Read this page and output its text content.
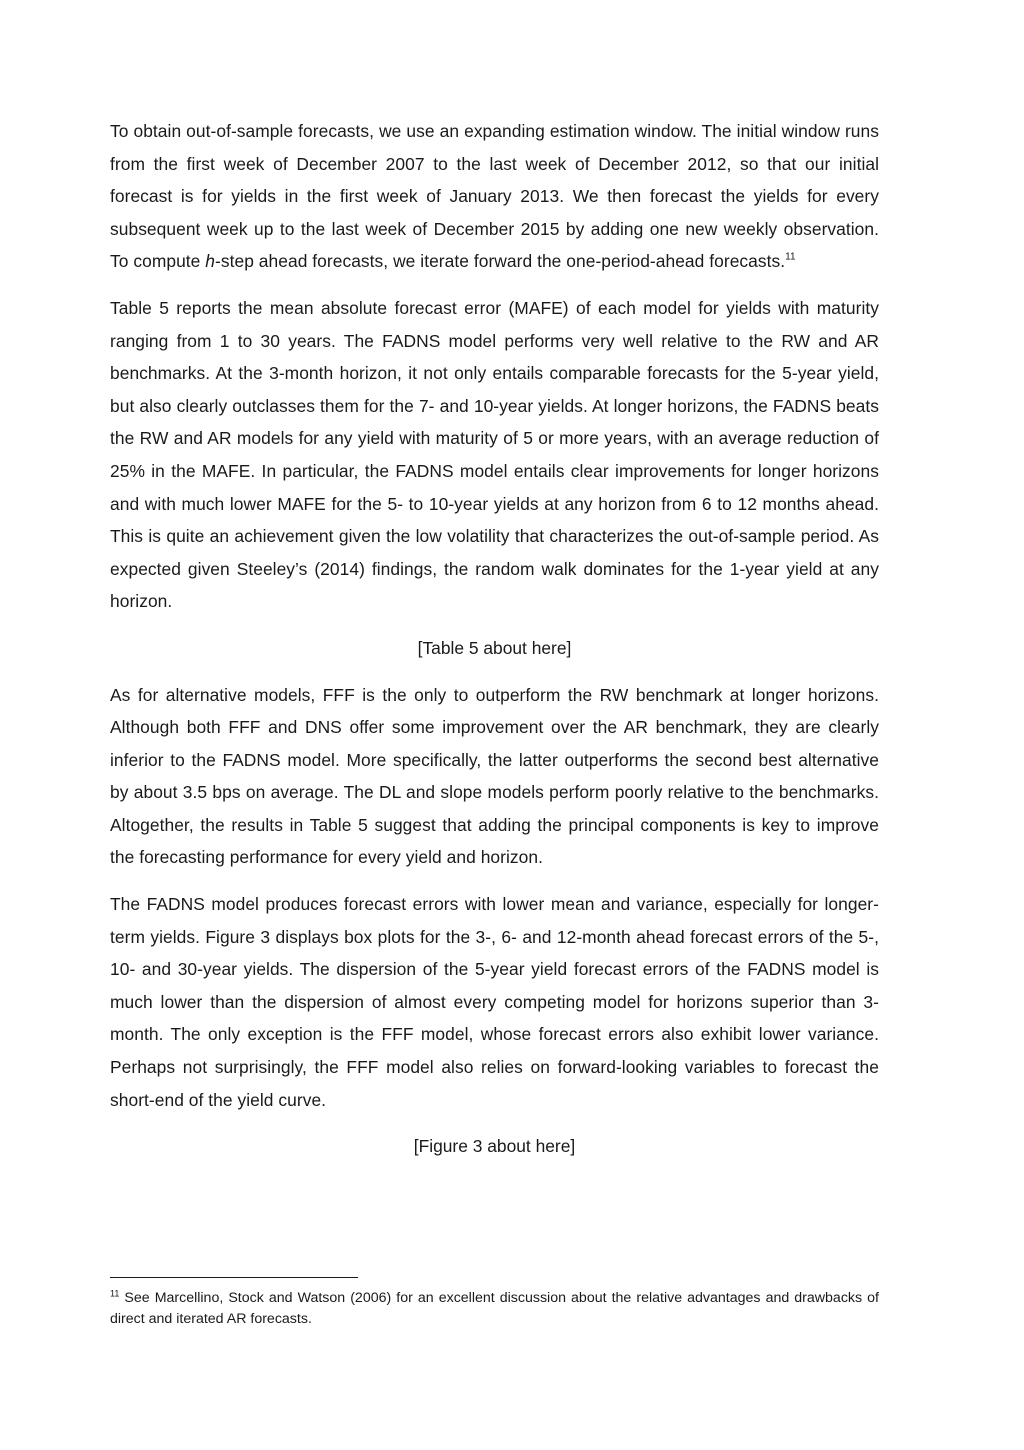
To obtain out-of-sample forecasts, we use an expanding estimation window. The initial window runs from the first week of December 2007 to the last week of December 2012, so that our initial forecast is for yields in the first week of January 2013. We then forecast the yields for every subsequent week up to the last week of December 2015 by adding one new weekly observation. To compute h-step ahead forecasts, we iterate forward the one-period-ahead forecasts.$^{11}$

Table 5 reports the mean absolute forecast error (MAFE) of each model for yields with maturity ranging from 1 to 30 years. The FADNS model performs very well relative to the RW and AR benchmarks. At the 3-month horizon, it not only entails comparable forecasts for the 5-year yield, but also clearly outclasses them for the 7- and 10-year yields. At longer horizons, the FADNS beats the RW and AR models for any yield with maturity of 5 or more years, with an average reduction of 25% in the MAFE. In particular, the FADNS model entails clear improvements for longer horizons and with much lower MAFE for the 5- to 10-year yields at any horizon from 6 to 12 months ahead. This is quite an achievement given the low volatility that characterizes the out-of-sample period. As expected given Steeley’s (2014) findings, the random walk dominates for the 1-year yield at any horizon.

[Table 5 about here]

As for alternative models, FFF is the only to outperform the RW benchmark at longer horizons. Although both FFF and DNS offer some improvement over the AR benchmark, they are clearly inferior to the FADNS model. More specifically, the latter outperforms the second best alternative by about 3.5 bps on average. The DL and slope models perform poorly relative to the benchmarks. Altogether, the results in Table 5 suggest that adding the principal components is key to improve the forecasting performance for every yield and horizon.

The FADNS model produces forecast errors with lower mean and variance, especially for longer-term yields. Figure 3 displays box plots for the 3-, 6- and 12-month ahead forecast errors of the 5-, 10- and 30-year yields. The dispersion of the 5-year yield forecast errors of the FADNS model is much lower than the dispersion of almost every competing model for horizons superior than 3-month. The only exception is the FFF model, whose forecast errors also exhibit lower variance. Perhaps not surprisingly, the FFF model also relies on forward-looking variables to forecast the short-end of the yield curve.

[Figure 3 about here]

$^{11}$ See Marcellino, Stock and Watson (2006) for an excellent discussion about the relative advantages and drawbacks of direct and iterated AR forecasts.
